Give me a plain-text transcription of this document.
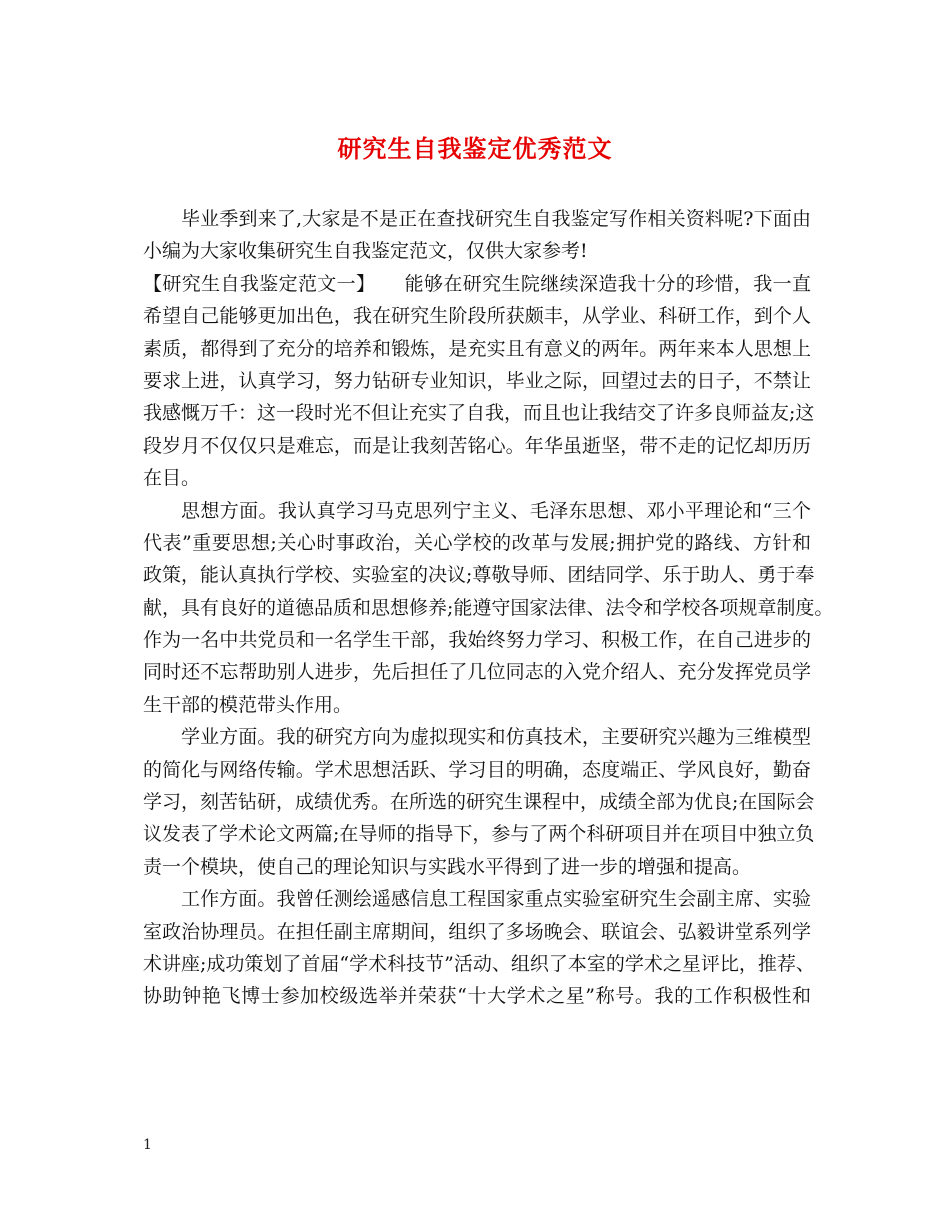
研究生自我鉴定优秀范文
毕业季到来了,大家是不是正在查找研究生自我鉴定写作相关资料呢?下面由
小编为大家收集研究生自我鉴定范文，仅供大家参考!
【研究生自我鉴定范文一】　　能够在研究生院继续深造我十分的珍惜，我一直
希望自己能够更加出色，我在研究生阶段所获颇丰，从学业、科研工作，到个人
素质，都得到了充分的培养和锻炼，是充实且有意义的两年。两年来本人思想上
要求上进，认真学习，努力钻研专业知识，毕业之际，回望过去的日子，不禁让
我感慨万千：这一段时光不但让充实了自我，而且也让我结交了许多良师益友;这
段岁月不仅仅只是难忘，而是让我刻苦铭心。年华虽逝坚，带不走的记忆却历历
在目。
思想方面。我认真学习马克思列宁主义、毛泽东思想、邓小平理论和“三个
代表”重要思想;关心时事政治，关心学校的改革与发展;拥护党的路线、方针和
政策，能认真执行学校、实验室的决议;尊敬导师、团结同学、乐于助人、勇于奉
献，具有良好的道德品质和思想修养;能遵守国家法律、法令和学校各项规章制度。
作为一名中共党员和一名学生干部，我始终努力学习、积极工作，在自己进步的
同时还不忘帮助别人进步，先后担任了几位同志的入党介绍人、充分发挥党员学
生干部的模范带头作用。
学业方面。我的研究方向为虚拟现实和仿真技术，主要研究兴趣为三维模型
的简化与网络传输。学术思想活跃、学习目的明确，态度端正、学风良好，勤奋
学习，刻苦钻研，成绩优秀。在所选的研究生课程中，成绩全部为优良;在国际会
议发表了学术论文两篇;在导师的指导下，参与了两个科研项目并在项目中独立负
责一个模块，使自己的理论知识与实践水平得到了进一步的增强和提高。
工作方面。我曾任测绘遥感信息工程国家重点实验室研究生会副主席、实验
室政治协理员。在担任副主席期间，组织了多场晚会、联谊会、弘毅讲堂系列学
术讲座;成功策划了首届“学术科技节”活动、组织了本室的学术之星评比，推荐、
协助钟艳飞博士参加校级选举并荣获“十大学术之星”称号。我的工作积极性和
1
